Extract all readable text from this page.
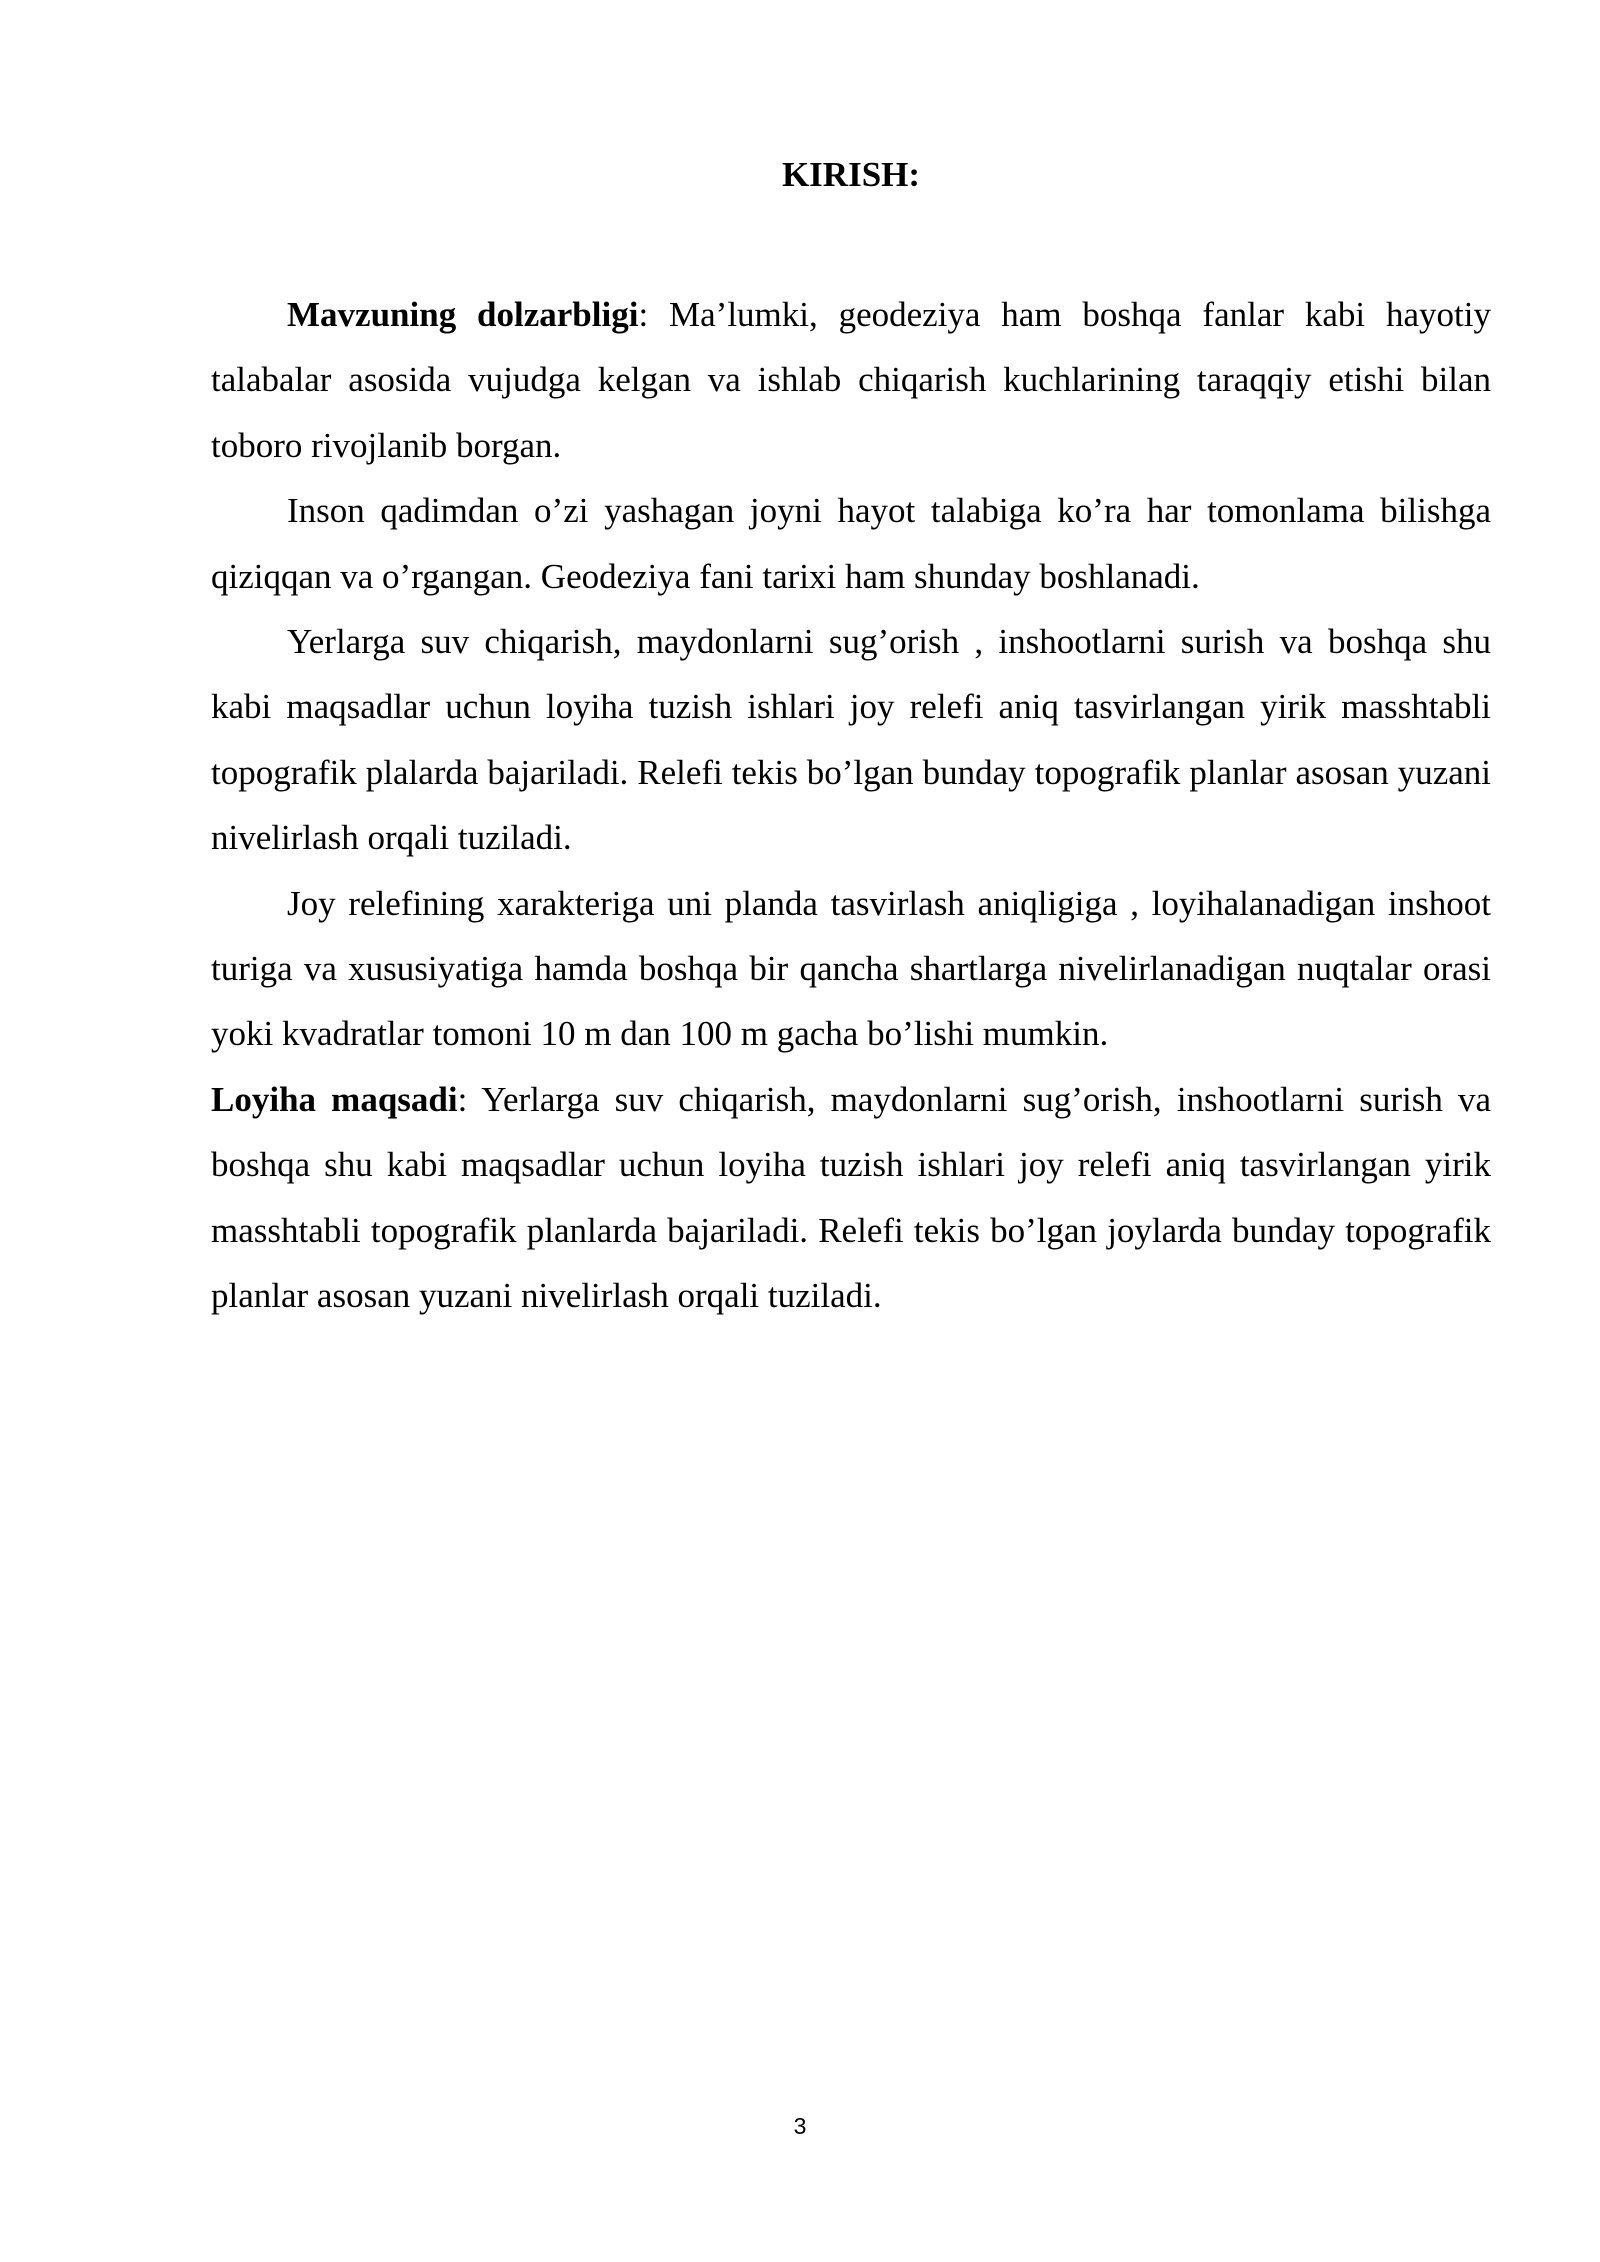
KIRISH:

Mavzuning dolzarbligi: Ma’lumki, geodeziya ham boshqa fanlar kabi hayotiy talabalar asosida vujudga kelgan va ishlab chiqarish kuchlarining taraqqiy etishi bilan toboro rivojlanib borgan.

Inson qadimdan o’zi yashagan joyni hayot talabiga ko’ra har tomonlama bilishga qiziqqan va o’rgangan. Geodeziya fani tarixi ham shunday boshlanadi.

Yerlarga suv chiqarish, maydonlarni sug’orish , inshootlarni surish va boshqa shu kabi maqsadlar uchun loyiha tuzish ishlari joy relefi aniq tasvirlangan yirik masshtabli topografik plalarda bajariladi. Relefi tekis bo’lgan bunday topografik planlar asosan yuzani nivelirlash orqali tuziladi.

Joy relefining xarakteriga uni planda tasvirlash aniqligiga , loyihalanadigan inshoot turiga va xususiyatiga hamda boshqa bir qancha shartlarga nivelirlanadigan nuqtalar orasi yoki kvadratlar tomoni 10 m dan 100 m gacha bo’lishi mumkin.

Loyiha maqsadi: Yerlarga suv chiqarish, maydonlarni sug’orish, inshootlarni surish va boshqa shu kabi maqsadlar uchun loyiha tuzish ishlari joy relefi aniq tasvirlangan yirik masshtabli topografik planlarda bajariladi. Relefi tekis bo’lgan joylarda bunday topografik planlar asosan yuzani nivelirlash orqali tuziladi.

3
